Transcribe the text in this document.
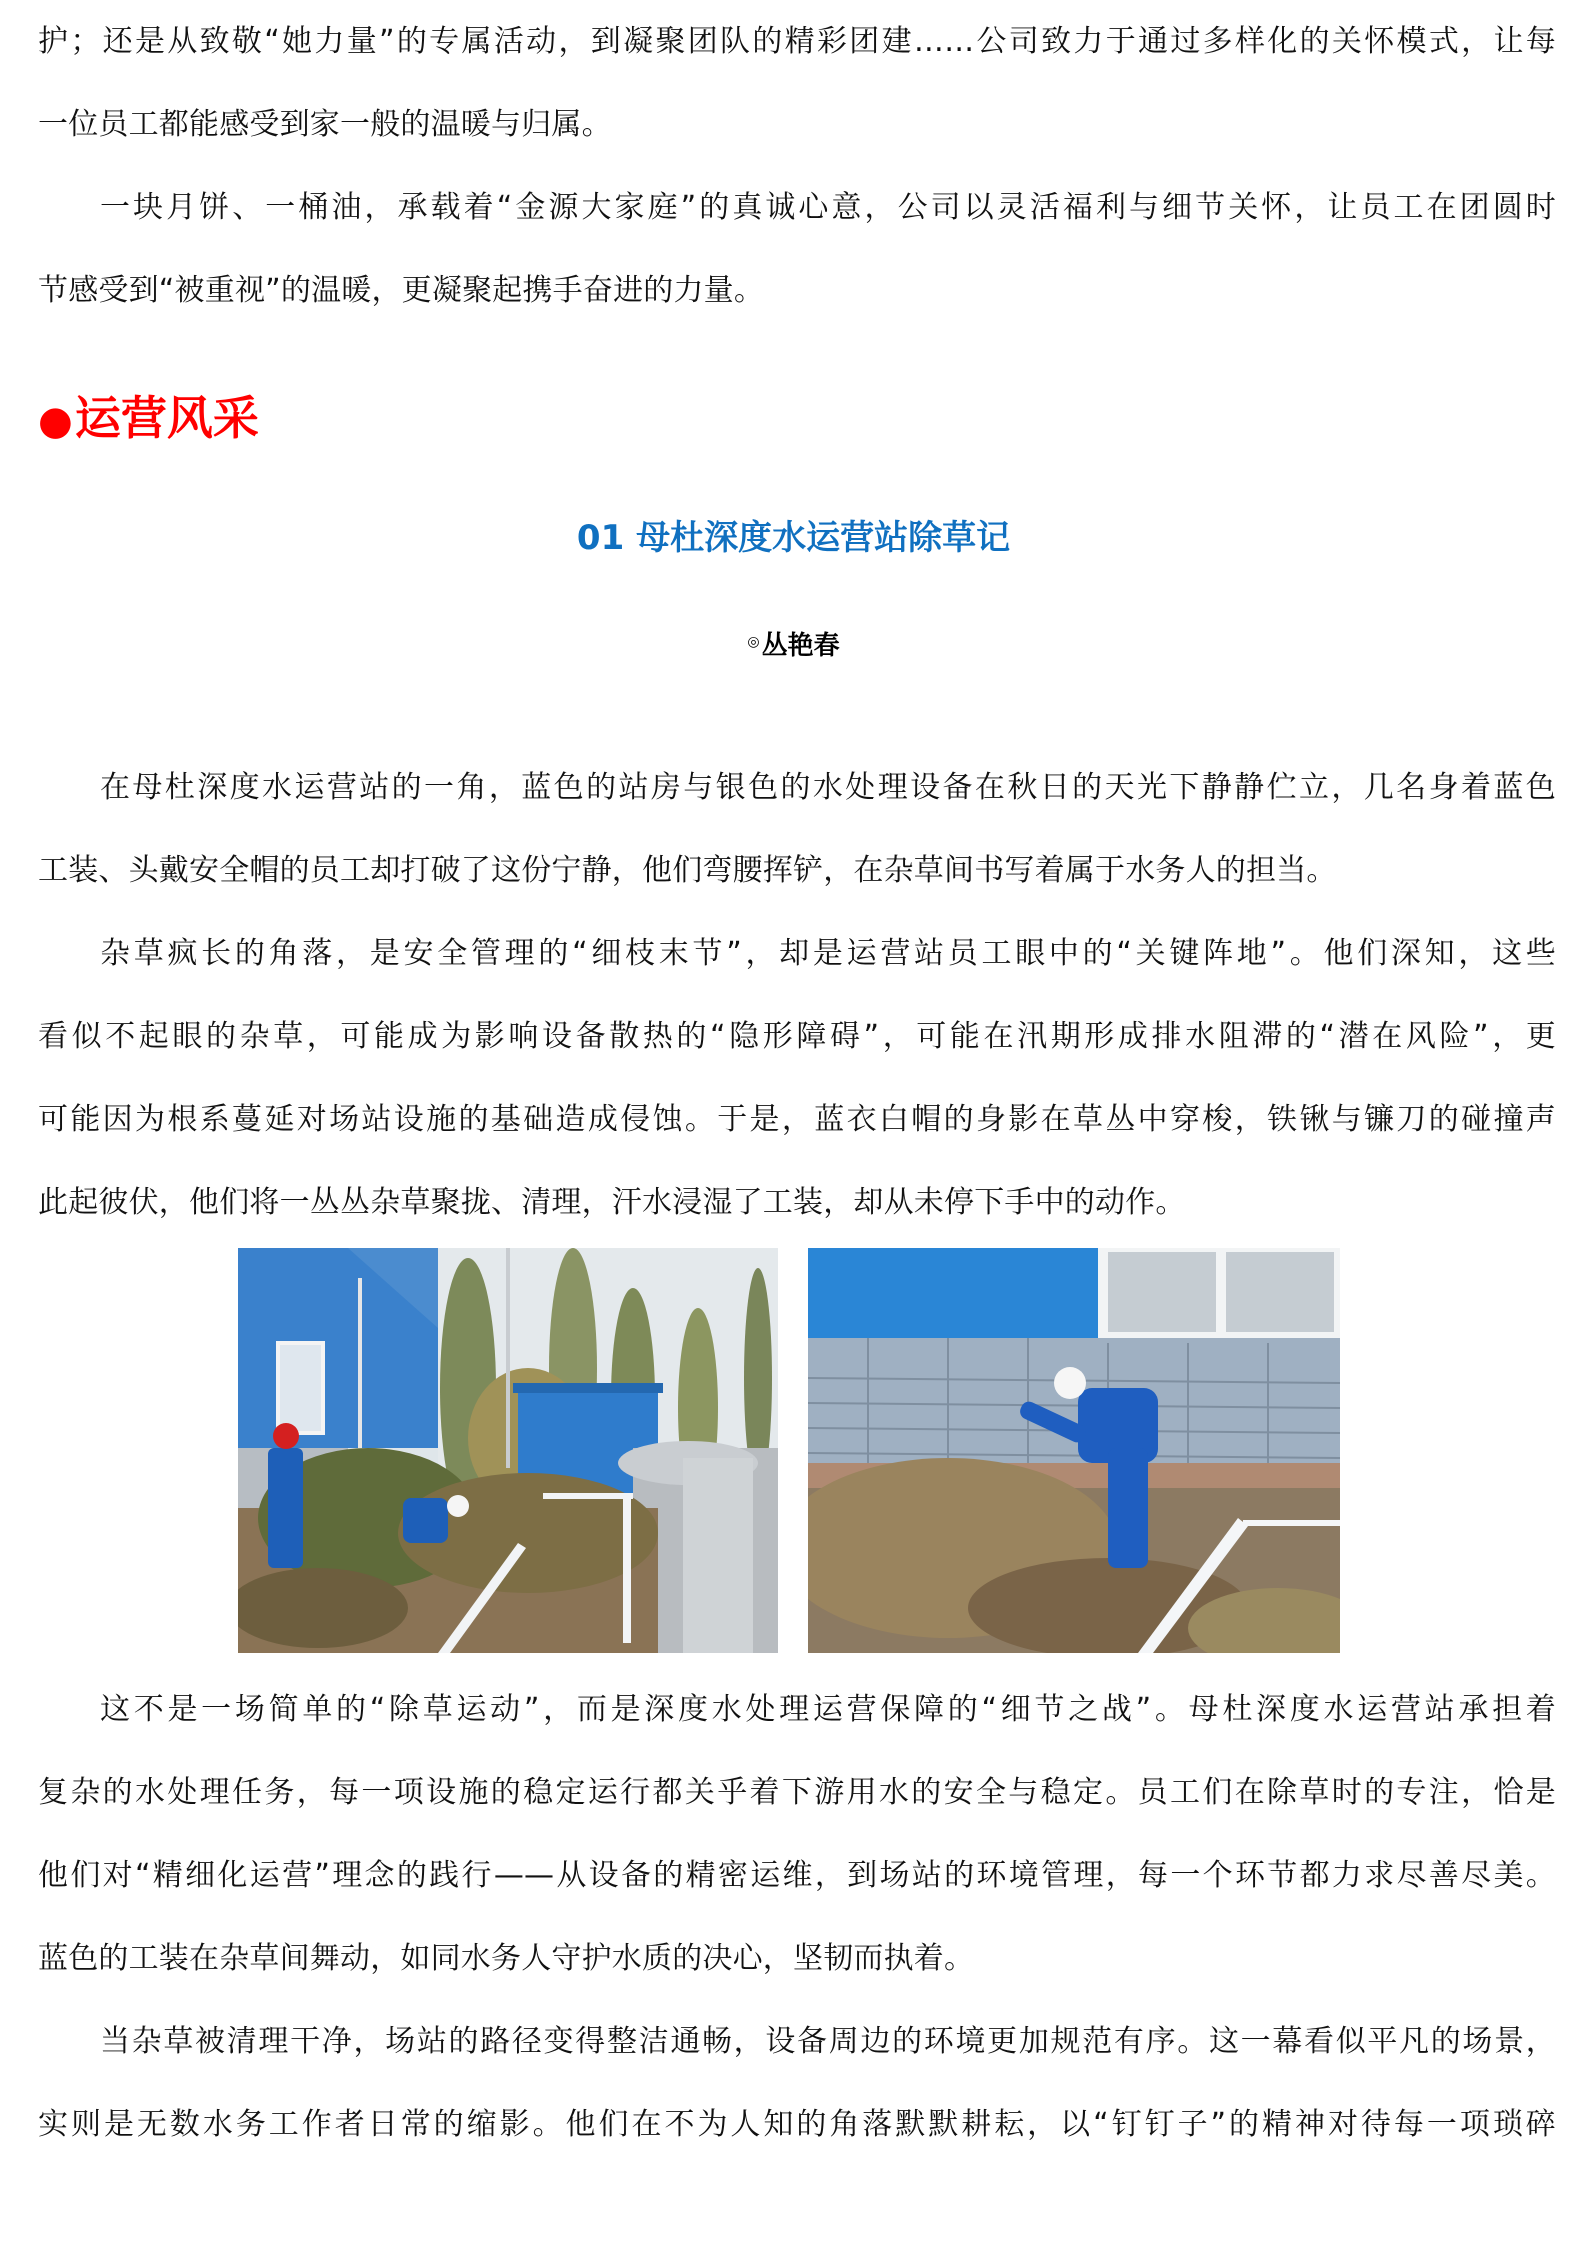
护；还是从致敬“她力量”的专属活动，到凝聚团队的精彩团建……公司致力于通过多样化的关怀模式，让每
一位员工都能感受到家一般的温暖与归属。
一块月饼、一桶油，承载着“金源大家庭”的真诚心意，公司以灵活福利与细节关怀，让员工在团圆时
节感受到“被重视”的温暖，更凝聚起携手奋进的力量。
●运营风采
01 母杜深度水运营站除草记
◎丛艳春
在母杜深度水运营站的一角，蓝色的站房与银色的水处理设备在秋日的天光下静静伫立，几名身着蓝色
工装、头戴安全帽的员工却打破了这份宁静，他们弯腰挥铲，在杂草间书写着属于水务人的担当。
杂草疯长的角落，是安全管理的“细枝末节”，却是运营站员工眼中的“关键阵地”。他们深知，这些
看似不起眼的杂草，可能成为影响设备散热的“隐形障碍”，可能在汛期形成排水阻滞的“潜在风险”，更
可能因为根系蔓延对场站设施的基础造成侵蚀。于是，蓝衣白帽的身影在草丛中穿梭，铁锹与镰刀的碰撞声
此起彼伏，他们将一丛丛杂草聚拢、清理，汗水浸湿了工装，却从未停下手中的动作。
这不是一场简单的“除草运动”，而是深度水处理运营保障的“细节之战”。母杜深度水运营站承担着
复杂的水处理任务，每一项设施的稳定运行都关乎着下游用水的安全与稳定。员工们在除草时的专注，恰是
他们对“精细化运营”理念的践行——从设备的精密运维，到场站的环境管理，每一个环节都力求尽善尽美。
蓝色的工装在杂草间舞动，如同水务人守护水质的决心，坚韧而执着。
当杂草被清理干净，场站的路径变得整洁通畅，设备周边的环境更加规范有序。这一幕看似平凡的场景，
实则是无数水务工作者日常的缩影。他们在不为人知的角落默默耕耘，以“钉钉子”的精神对待每一项琐碎
